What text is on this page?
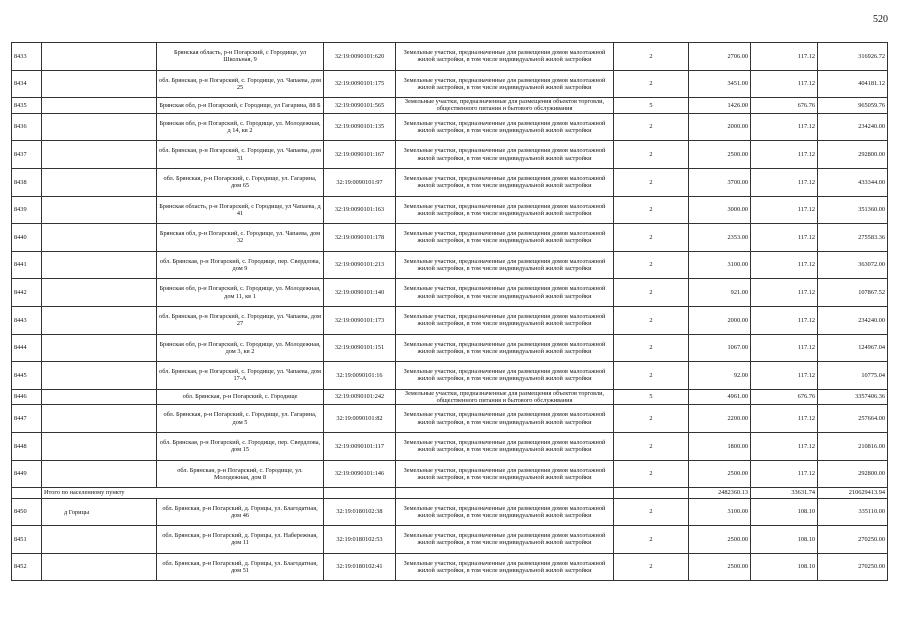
520
8433		Брянская область, р-н Погарский, с Городище, ул Школьная, 9	32:19:0090101:620	Земельные участки, предназначенные для размещения домов малоэтажной жилой застройки, в том числе индивидуальной жилой застройки	2	2706.00	117.12	316926.72
8434		обл. Брянская, р-н Погарский, с. Городище, ул. Чапаева, дом 25	32:19:0090101:175	Земельные участки, предназначенные для размещения домов малоэтажной жилой застройки, в том числе индивидуальной жилой застройки	2	3451.00	117.12	404181.12
8435		Брянская обл, р-н Погарский, с Городище, ул Гагарина, 88 Б	32:19:0090101:565	Земельные участки, предназначенные для размещения объектов торговли, общественного питания и бытового обслуживания	5	1426.00	676.76	965059.76
8436		Брянская обл, р-н Погарский, с. Городище, ул. Молодежная, д 14, кв 2	32:19:0090101:135	Земельные участки, предназначенные для размещения домов малоэтажной жилой застройки, в том числе индивидуальной жилой застройки	2	2000.00	117.12	234240.00
8437		обл. Брянская, р-н Погарский, с. Городище, ул. Чапаева, дом 31	32:19:0090101:167	Земельные участки, предназначенные для размещения домов малоэтажной жилой застройки, в том числе индивидуальной жилой застройки	2	2500.00	117.12	292800.00
8438		обл. Брянская, р-н Погарский, с. Городище, ул. Гагарина, дом 65	32:19:0090101:97	Земельные участки, предназначенные для размещения домов малоэтажной жилой застройки, в том числе индивидуальной жилой застройки	2	3700.00	117.12	433344.00
8439		Брянская область, р-н Погарский, с Городище, ул Чапаева, д 41	32:19:0090101:163	Земельные участки, предназначенные для размещения домов малоэтажной жилой застройки, в том числе индивидуальной жилой застройки	2	3000.00	117.12	351360.00
8440		Брянская обл, р-н Погарский, с. Городище, ул. Чапаева, дом 32	32:19:0090101:178	Земельные участки, предназначенные для размещения домов малоэтажной жилой застройки, в том числе индивидуальной жилой застройки	2	2353.00	117.12	275583.36
8441		обл. Брянская, р-н Погарский, с. Городище, пер. Свердлова, дом 9	32:19:0090101:213	Земельные участки, предназначенные для размещения домов малоэтажной жилой застройки, в том числе индивидуальной жилой застройки	2	3100.00	117.12	363072.00
8442		Брянская обл, р-н Погарский, с. Городище, ул. Молодежная, дом 11, кв 1	32:19:0090101:140	Земельные участки, предназначенные для размещения домов малоэтажной жилой застройки, в том числе индивидуальной жилой застройки	2	921.00	117.12	107867.52
8443		обл. Брянская, р-н Погарский, с. Городище, ул. Чапаева, дом 27	32:19:0090101:173	Земельные участки, предназначенные для размещения домов малоэтажной жилой застройки, в том числе индивидуальной жилой застройки	2	2000.00	117.12	234240.00
8444		Брянская обл, р-н Погарский, с. Городище, ул. Молодежная, дом 3, кв 2	32:19:0090101:151	Земельные участки, предназначенные для размещения домов малоэтажной жилой застройки, в том числе индивидуальной жилой застройки	2	1067.00	117.12	124967.04
8445		обл. Брянская, р-н Погарский, с. Городище, ул. Чапаева, дом 17-А	32:19:0090101:16	Земельные участки, предназначенные для размещения домов малоэтажной жилой застройки, в том числе индивидуальной жилой застройки	2	92.00	117.12	10775.04
8446		обл. Брянская, р-н Погарский, с. Городище	32:19:0090101:242	Земельные участки, предназначенные для размещения объектов торговли, общественного питания и бытового обслуживания	5	4961.00	676.76	3357406.36
8447		обл. Брянская, р-н Погарский, с. Городище, ул. Гагарина, дом 5	32:19:0090101:82	Земельные участки, предназначенные для размещения домов малоэтажной жилой застройки, в том числе индивидуальной жилой застройки	2	2200.00	117.12	257664.00
8448		обл. Брянская, р-н Погарский, с. Городище, пер. Свердлова, дом 15	32:19:0090101:117	Земельные участки, предназначенные для размещения домов малоэтажной жилой застройки, в том числе индивидуальной жилой застройки	2	1800.00	117.12	210816.00
8449		обл. Брянская, р-н Погарский, с. Городище, ул. Молодежная, дом 8	32:19:0090101:146	Земельные участки, предназначенные для размещения домов малоэтажной жилой застройки, в том числе индивидуальной жилой застройки	2	2500.00	117.12	292800.00
	Итого по населенному пункту					2482360.13	33631.74	210629413.94
8450	д Горицы	обл. Брянская, р-н Погарский, д. Горицы, ул. Благодатная, дом 46	32:19:0180102:38	Земельные участки, предназначенные для размещения домов малоэтажной жилой застройки, в том числе индивидуальной жилой застройки	2	3100.00	108.10	335110.00
8451		обл. Брянская, р-н Погарский, д. Горицы, ул. Набережная, дом 11	32:19:0180102:53	Земельные участки, предназначенные для размещения домов малоэтажной жилой застройки, в том числе индивидуальной жилой застройки	2	2500.00	108.10	270250.00
8452		обл. Брянская, р-н Погарский, д. Горицы, ул. Благодатная, дом 51	32:19:0180102:41	Земельные участки, предназначенные для размещения домов малоэтажной жилой застройки, в том числе индивидуальной жилой застройки	2	2500.00	108.10	270250.00
